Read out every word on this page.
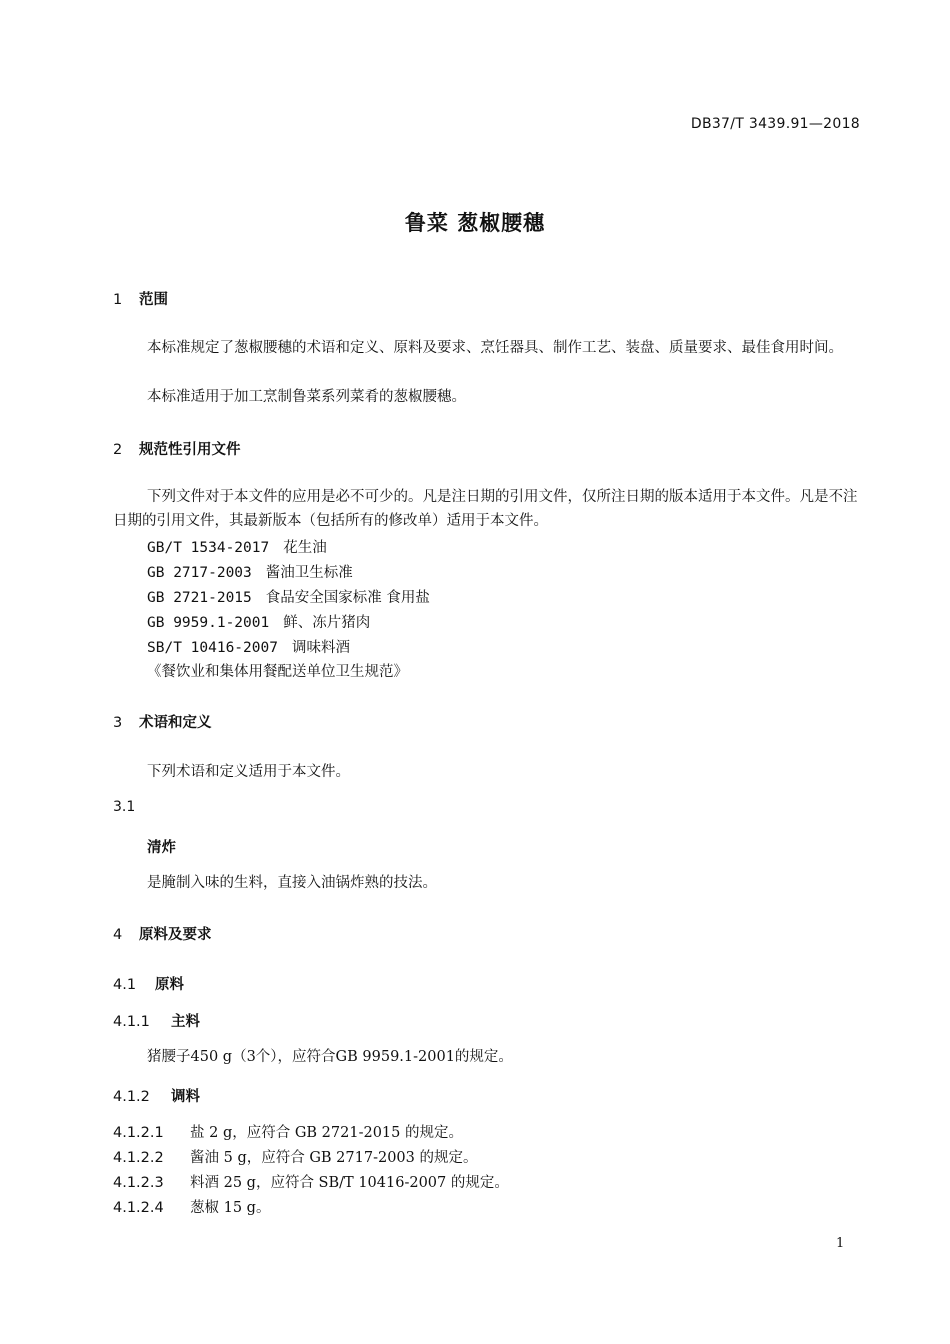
DB37/T 3439.91—2018
鲁菜 葱椒腰穗
1 范围
本标准规定了葱椒腰穗的术语和定义、原料及要求、烹饪器具、制作工艺、装盘、质量要求、最佳食用时间。
本标准适用于加工烹制鲁菜系列菜肴的葱椒腰穗。
2 规范性引用文件
下列文件对于本文件的应用是必不可少的。凡是注日期的引用文件，仅所注日期的版本适用于本文件。凡是不注日期的引用文件，其最新版本（包括所有的修改单）适用于本文件。
GB/T 1534-2017 花生油
GB 2717-2003 酱油卫生标准
GB 2721-2015 食品安全国家标准 食用盐
GB 9959.1-2001 鲜、冻片猪肉
SB/T 10416-2007 调味料酒
《餐饮业和集体用餐配送单位卫生规范》
3 术语和定义
下列术语和定义适用于本文件。
3.1
清炸
是腌制入味的生料，直接入油锅炸熟的技法。
4 原料及要求
4.1 原料
4.1.1 主料
猪腰子450 g（3个），应符合GB 9959.1-2001的规定。
4.1.2 调料
4.1.2.1 盐 2 g，应符合 GB 2721-2015 的规定。
4.1.2.2 酱油 5 g，应符合 GB 2717-2003 的规定。
4.1.2.3 料酒 25 g，应符合 SB/T 10416-2007 的规定。
4.1.2.4 葱椒 15 g。
1
